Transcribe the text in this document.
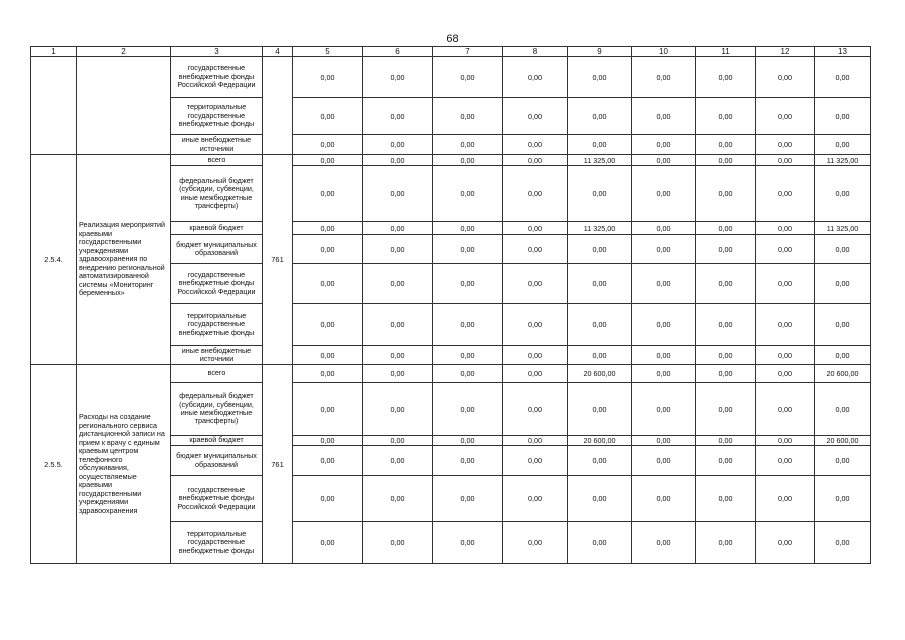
68
1	2	3	4	5	6	7	8	9	10	11	12	13
		государственные внебюджетные фонды Российской Федерации		0,00	0,00	0,00	0,00	0,00	0,00	0,00	0,00	0,00
		территориальные государственные внебюджетные фонды		0,00	0,00	0,00	0,00	0,00	0,00	0,00	0,00	0,00
		иные внебюджетные источники		0,00	0,00	0,00	0,00	0,00	0,00	0,00	0,00	0,00
2.5.4.	Реализация мероприятий краевыми государственными учреждениями здравоохранения по внедрению региональной автоматизированной системы «Мониторинг беременных»	всего	761	0,00	0,00	0,00	0,00	11 325,00	0,00	0,00	0,00	11 325,00
		федеральный бюджет (субсидии, субвенции, иные межбюджетные трансферты)		0,00	0,00	0,00	0,00	0,00	0,00	0,00	0,00	0,00
		краевой бюджет		0,00	0,00	0,00	0,00	11 325,00	0,00	0,00	0,00	11 325,00
		бюджет муниципальных образований		0,00	0,00	0,00	0,00	0,00	0,00	0,00	0,00	0,00
		государственные внебюджетные фонды Российской Федерации		0,00	0,00	0,00	0,00	0,00	0,00	0,00	0,00	0,00
		территориальные государственные внебюджетные фонды		0,00	0,00	0,00	0,00	0,00	0,00	0,00	0,00	0,00
		иные внебюджетные источники		0,00	0,00	0,00	0,00	0,00	0,00	0,00	0,00	0,00
2.5.5.	Расходы на создание регионального сервиса дистанционной записи на прием к врачу с единым краевым центром телефонного обслуживания, осуществляемые краевыми государственными учреждениями здравоохранения	всего	761	0,00	0,00	0,00	0,00	20 600,00	0,00	0,00	0,00	20 600,00
		федеральный бюджет (субсидии, субвенции, иные межбюджетные трансферты)		0,00	0,00	0,00	0,00	0,00	0,00	0,00	0,00	0,00
		краевой бюджет		0,00	0,00	0,00	0,00	20 600,00	0,00	0,00	0,00	20 600,00
		бюджет муниципальных образований		0,00	0,00	0,00	0,00	0,00	0,00	0,00	0,00	0,00
		государственные внебюджетные фонды Российской Федерации		0,00	0,00	0,00	0,00	0,00	0,00	0,00	0,00	0,00
		территориальные государственные внебюджетные фонды		0,00	0,00	0,00	0,00	0,00	0,00	0,00	0,00	0,00
